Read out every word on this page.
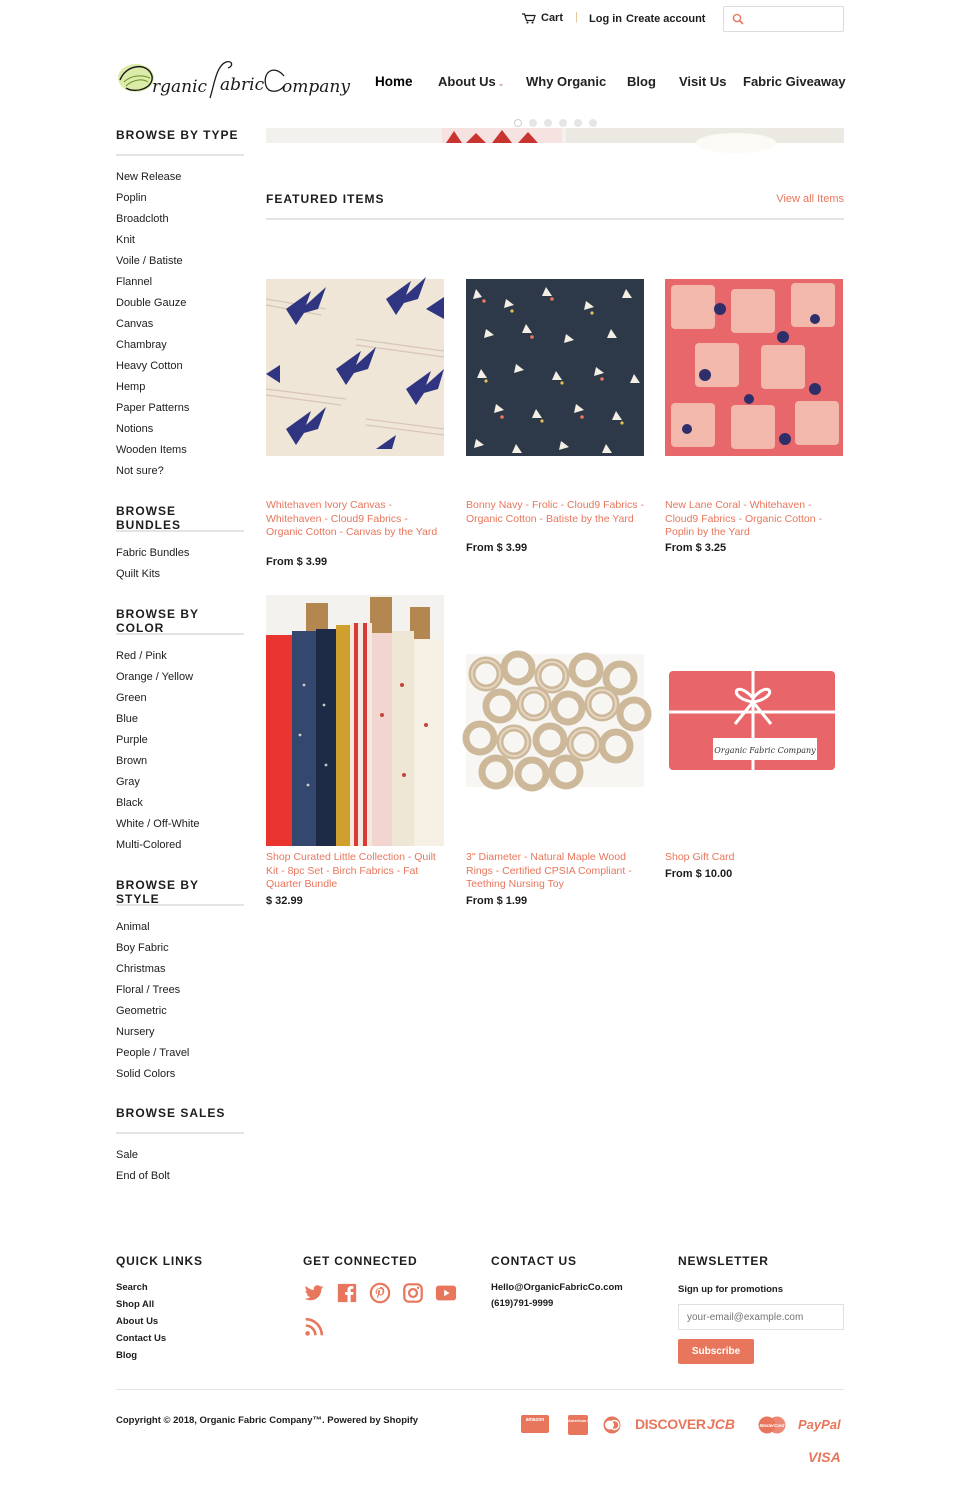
Cart | Log in Create account
rganic abric ompany
Organic Fabric Company
Home About Us ⌄ Why Organic Blog Visit Us Fabric Giveaway
BROWSE BY TYPE
New Release
Poplin
Broadcloth
Knit
Voile / Batiste
Flannel
Double Gauze
Canvas
Chambray
Heavy Cotton
Hemp
Paper Patterns
Notions
Wooden Items
Not sure?
BROWSE BUNDLES
Fabric Bundles
Quilt Kits
BROWSE BY COLOR
Red / Pink
Orange / Yellow
Green
Blue
Purple
Brown
Gray
Black
White / Off-White
Multi-Colored
BROWSE BY STYLE
Animal
Boy Fabric
Christmas
Floral / Trees
Geometric
Nursery
People / Travel
Solid Colors
BROWSE SALES
Sale
End of Bolt
FEATURED ITEMS	View all Items
Whitehaven Ivory Canvas - Whitehaven - Cloud9 Fabrics - Organic Cotton - Canvas by the Yard
From $ 3.99
Bonny Navy - Frolic - Cloud9 Fabrics - Organic Cotton - Batiste by the Yard
From $ 3.99
New Lane Coral - Whitehaven - Cloud9 Fabrics - Organic Cotton - Poplin by the Yard
From $ 3.25
Shop Curated Little Collection - Quilt Kit - 8pc Set - Birch Fabrics - Fat Quarter Bundle
$ 32.99
3" Diameter - Natural Maple Wood Rings - Certified CPSIA Compliant - Teething Nursing Toy
From $ 1.99
Organic Fabric Company
Shop Gift Card
From $ 10.00
QUICK LINKS
Search
Shop All
About Us
Contact Us
Blog
GET CONNECTED	CONTACT US
Hello@OrganicFabricCo.com
(619)791-9999
NEWSLETTER
Sign up for promotions
your-email@example.com
Subscribe
Copyright © 2018, Organic Fabric Company™. Powered by Shopify	amazon	American Express DISCOVER JCB	MasterCard PayPal
VISA
